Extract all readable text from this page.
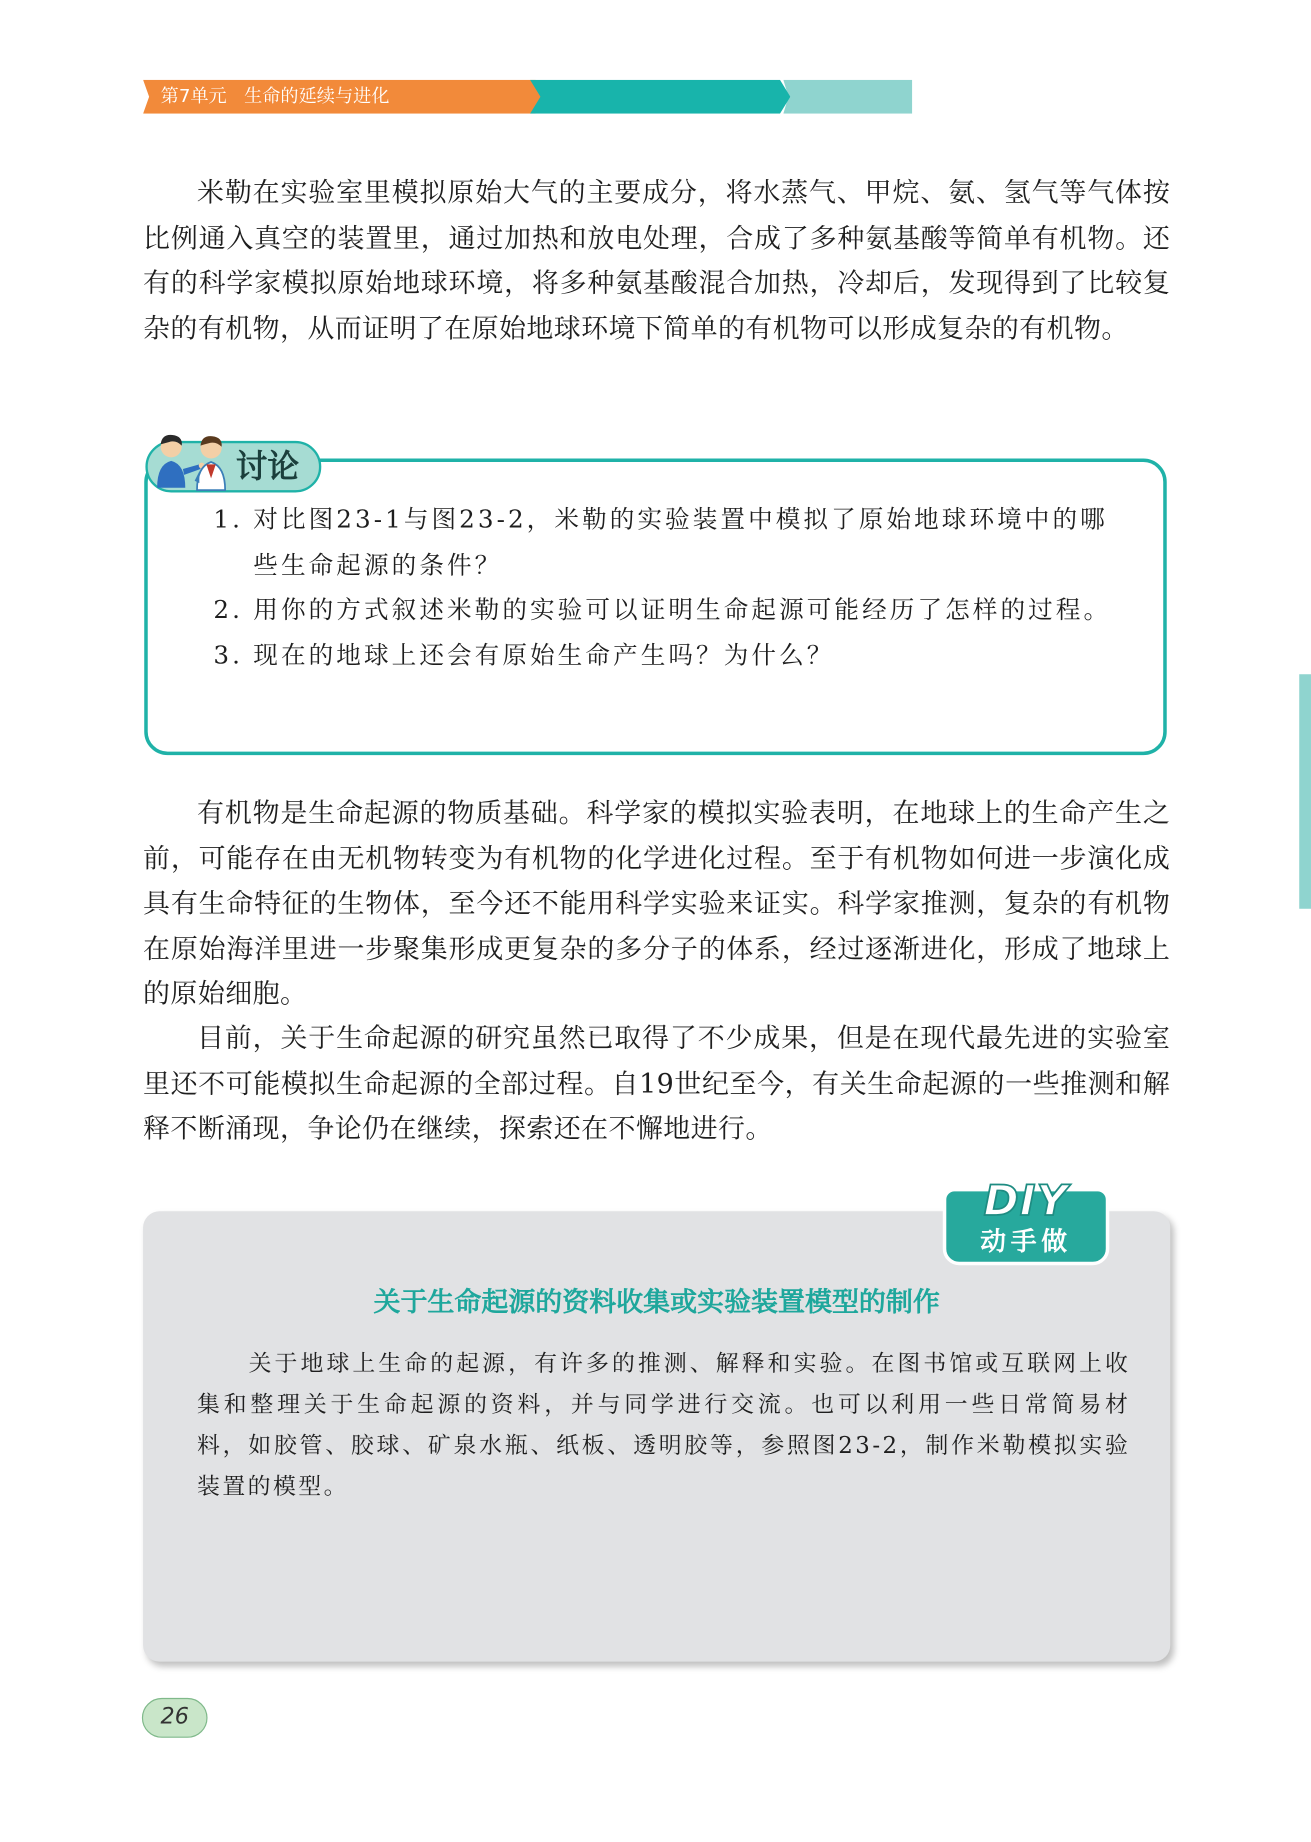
第7单元 生命的延续与进化

米勒在实验室里模拟原始大气的主要成分，将水蒸气、甲烷、氨、氢气等气体按比例通入真空的装置里，通过加热和放电处理，合成了多种氨基酸等简单有机物。还有的科学家模拟原始地球环境，将多种氨基酸混合加热，冷却后，发现得到了比较复杂的有机物，从而证明了在原始地球环境下简单的有机物可以形成复杂的有机物。

讨论
1. 对比图23-1与图23-2，米勒的实验装置中模拟了原始地球环境中的哪些生命起源的条件？
2. 用你的方式叙述米勒的实验可以证明生命起源可能经历了怎样的过程。
3. 现在的地球上还会有原始生命产生吗？为什么？

有机物是生命起源的物质基础。科学家的模拟实验表明，在地球上的生命产生之前，可能存在由无机物转变为有机物的化学进化过程。至于有机物如何进一步演化成具有生命特征的生物体，至今还不能用科学实验来证实。科学家推测，复杂的有机物在原始海洋里进一步聚集形成更复杂的多分子的体系，经过逐渐进化，形成了地球上的原始细胞。

目前，关于生命起源的研究虽然已取得了不少成果，但是在现代最先进的实验室里还不可能模拟生命起源的全部过程。自19世纪至今，有关生命起源的一些推测和解释不断涌现，争论仍在继续，探索还在不懈地进行。

DIY
动手做
关于生命起源的资料收集或实验装置模型的制作

关于地球上生命的起源，有许多的推测、解释和实验。在图书馆或互联网上收集和整理关于生命起源的资料，并与同学进行交流。也可以利用一些日常简易材料，如胶管、胶球、矿泉水瓶、纸板、透明胶等，参照图23-2，制作米勒模拟实验装置的模型。

26
